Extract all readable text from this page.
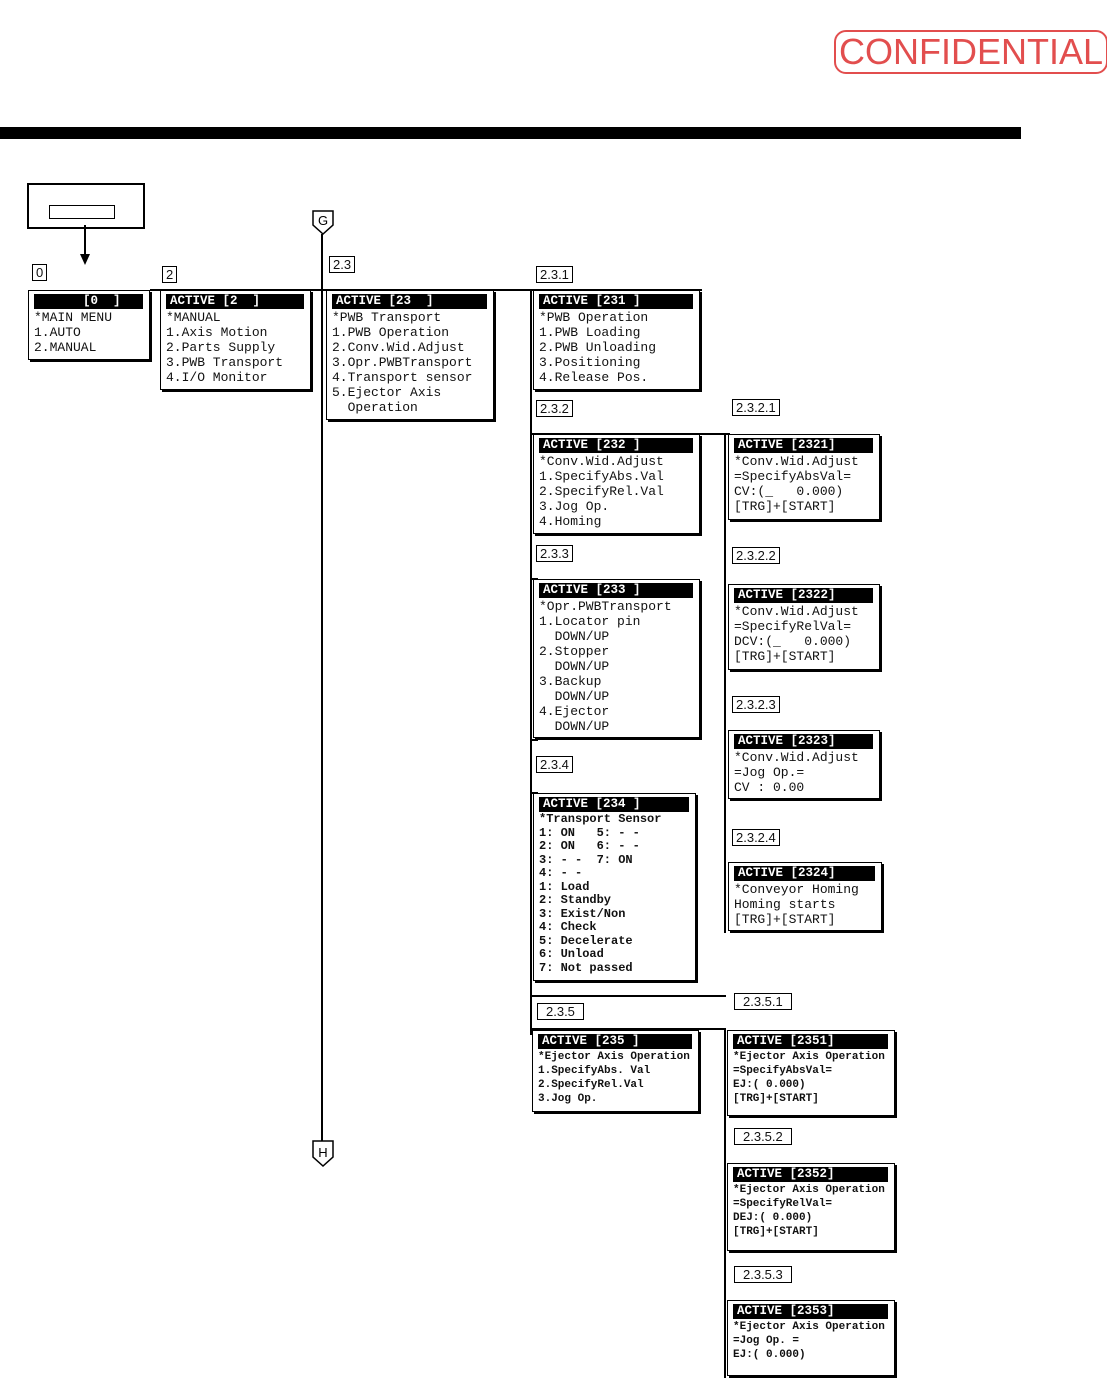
CONFIDENTIAL
G
H
0	2
2.3
2.3.1
2.3.2	2.3.2.1
2.3.3	2.3.2.2
2.3.2.3
2.3.4
2.3.2.4
2.3.5
2.3.5.1
2.3.5.2
2.3.5.3
[0  ]
*MAIN MENU
1.AUTO
2.MANUAL
ACTIVE [2  ]
*MANUAL
1.Axis Motion
2.Parts Supply
3.PWB Transport
4.I/O Monitor
ACTIVE [23  ]
*PWB Transport
1.PWB Operation
2.Conv.Wid.Adjust
3.Opr.PWBTransport
4.Transport sensor
5.Ejector Axis
Operation
ACTIVE [231 ]
*PWB Operation
1.PWB Loading
2.PWB Unloading
3.Positioning
4.Release Pos.
ACTIVE [232 ]
*Conv.Wid.Adjust
1.SpecifyAbs.Val
2.SpecifyRel.Val
3.Jog Op.
4.Homing
ACTIVE [2321]
*Conv.Wid.Adjust
=SpecifyAbsVal=
CV:(_   0.000)
[TRG]+[START]
ACTIVE [233 ]
*Opr.PWBTransport
1.Locator pin
DOWN/UP
2.Stopper
DOWN/UP
3.Backup
DOWN/UP
4.Ejector
DOWN/UP
ACTIVE [2322]
*Conv.Wid.Adjust
=SpecifyRelVal=
DCV:(_   0.000)
[TRG]+[START]
ACTIVE [2323]
*Conv.Wid.Adjust
=Jog Op.=
CV : 0.00
ACTIVE [234 ]
*Transport Sensor
1: ON   5: - -
2: ON   6: - -
3: - -  7: ON
4: - -
1: Load
2: Standby
3: Exist/Non
4: Check
5: Decelerate
6: Unload
7: Not passed
ACTIVE [2324]
*Conveyor Homing
Homing starts
[TRG]+[START]
ACTIVE [235 ]
*Ejector Axis Operation
1.SpecifyAbs. Val
2.SpecifyRel.Val
3.Jog Op.
ACTIVE [2351]
*Ejector Axis Operation
=SpecifyAbsVal=
EJ:( 0.000)
[TRG]+[START]
ACTIVE [2352]
*Ejector Axis Operation
=SpecifyRelVal=
DEJ:( 0.000)
[TRG]+[START]
ACTIVE [2353]
*Ejector Axis Operation
=Jog Op. =
EJ:( 0.000)
